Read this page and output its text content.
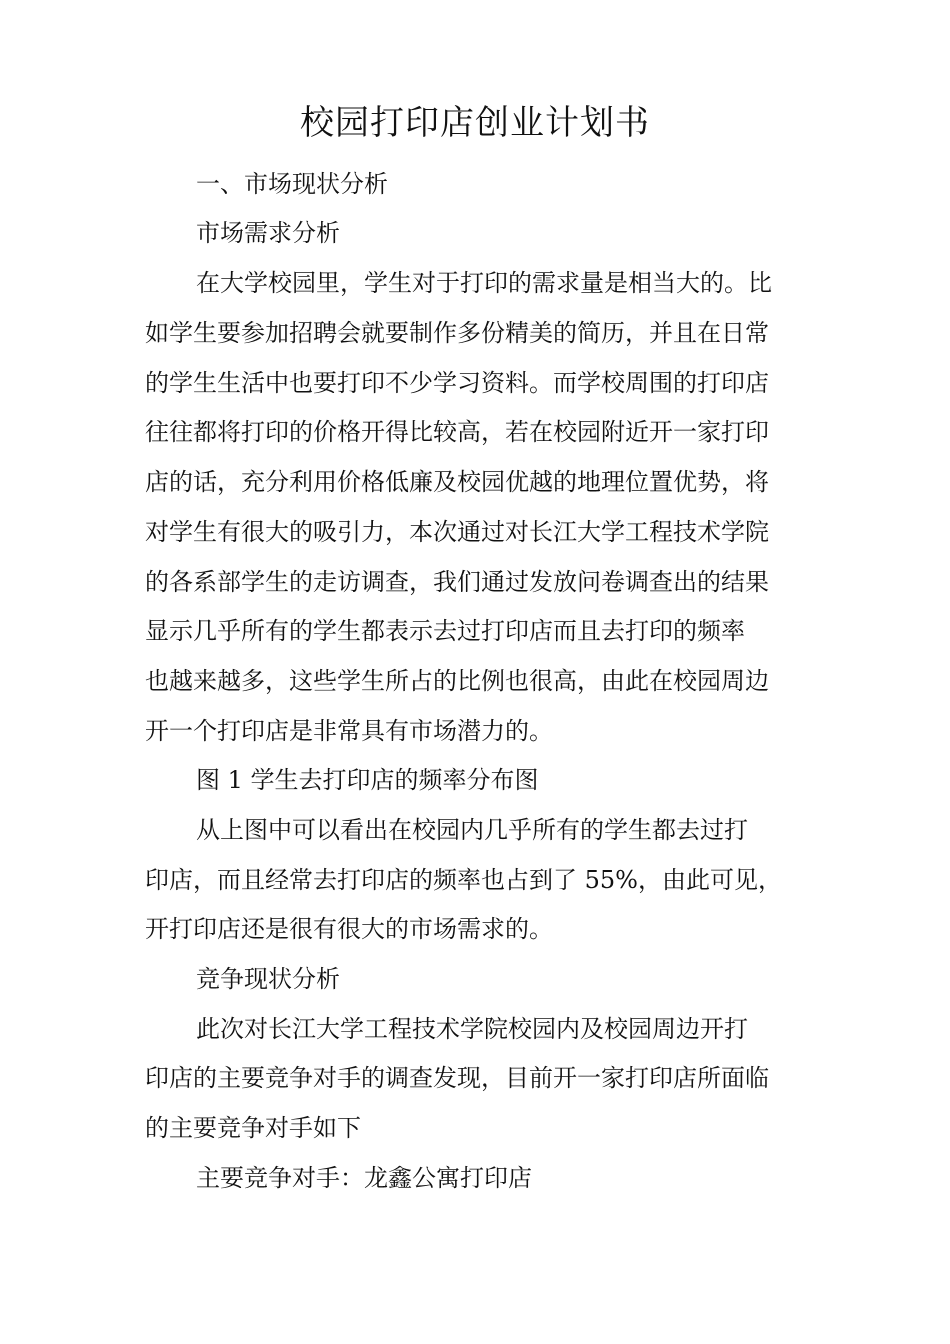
校园打印店创业计划书

一、市场现状分析

市场需求分析

在大学校园里，学生对于打印的需求量是相当大的。比

如学生要参加招聘会就要制作多份精美的简历，并且在日常

的学生生活中也要打印不少学习资料。而学校周围的打印店

往往都将打印的价格开得比较高，若在校园附近开一家打印

店的话，充分利用价格低廉及校园优越的地理位置优势，将

对学生有很大的吸引力，本次通过对长江大学工程技术学院

的各系部学生的走访调查，我们通过发放问卷调查出的结果

显示几乎所有的学生都表示去过打印店而且去打印的频率

也越来越多，这些学生所占的比例也很高，由此在校园周边

开一个打印店是非常具有市场潜力的。

图 1 学生去打印店的频率分布图

从上图中可以看出在校园内几乎所有的学生都去过打

印店，而且经常去打印店的频率也占到了 55%，由此可见，

开打印店还是很有很大的市场需求的。

竞争现状分析

此次对长江大学工程技术学院校园内及校园周边开打

印店的主要竞争对手的调查发现，目前开一家打印店所面临

的主要竞争对手如下

主要竞争对手：龙鑫公寓打印店
